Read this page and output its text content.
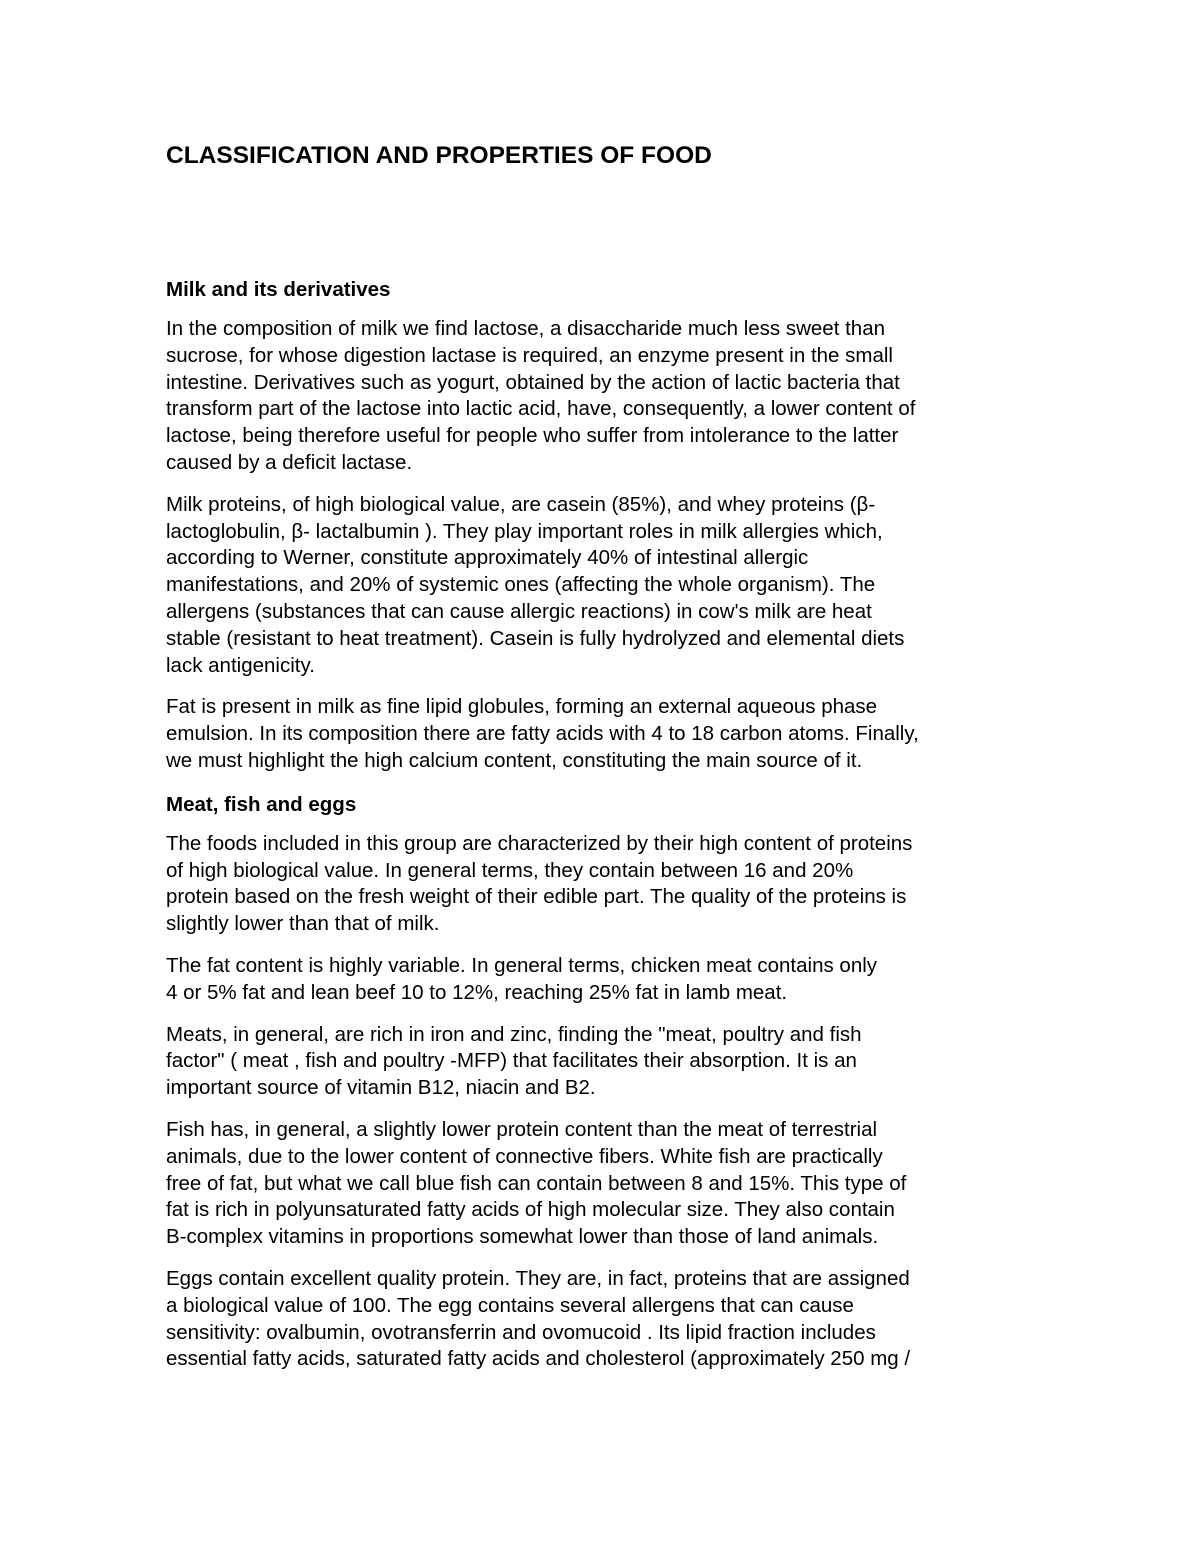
CLASSIFICATION AND PROPERTIES OF FOOD
Milk and its derivatives

In the composition of milk we find lactose, a disaccharide much less sweet than
sucrose, for whose digestion lactase is required, an enzyme present in the small
intestine. Derivatives such as yogurt, obtained by the action of lactic bacteria that
transform part of the lactose into lactic acid, have, consequently, a lower content of
lactose, being therefore useful for people who suffer from intolerance to the latter
caused by a deficit lactase.

Milk proteins, of high biological value, are casein (85%), and whey proteins (β-
lactoglobulin, β- lactalbumin ). They play important roles in milk allergies which,
according to Werner, constitute approximately 40% of intestinal allergic
manifestations, and 20% of systemic ones (affecting the whole organism). The
allergens (substances that can cause allergic reactions) in cow's milk are heat
stable (resistant to heat treatment). Casein is fully hydrolyzed and elemental diets
lack antigenicity.

Fat is present in milk as fine lipid globules, forming an external aqueous phase
emulsion. In its composition there are fatty acids with 4 to 18 carbon atoms. Finally,
we must highlight the high calcium content, constituting the main source of it.

Meat, fish and eggs

The foods included in this group are characterized by their high content of proteins
of high biological value. In general terms, they contain between 16 and 20%
protein based on the fresh weight of their edible part. The quality of the proteins is
slightly lower than that of milk.

The fat content is highly variable. In general terms, chicken meat contains only
4 or 5% fat and lean beef 10 to 12%, reaching 25% fat in lamb meat.

Meats, in general, are rich in iron and zinc, finding the "meat, poultry and fish
factor" ( meat , fish and poultry -MFP) that facilitates their absorption. It is an
important source of vitamin B12, niacin and B2.

Fish has, in general, a slightly lower protein content than the meat of terrestrial
animals, due to the lower content of connective fibers. White fish are practically
free of fat, but what we call blue fish can contain between 8 and 15%. This type of
fat is rich in polyunsaturated fatty acids of high molecular size. They also contain
B-complex vitamins in proportions somewhat lower than those of land animals.

Eggs contain excellent quality protein. They are, in fact, proteins that are assigned
a biological value of 100. The egg contains several allergens that can cause
sensitivity: ovalbumin, ovotransferrin and ovomucoid . Its lipid fraction includes
essential fatty acids, saturated fatty acids and cholesterol (approximately 250 mg /
